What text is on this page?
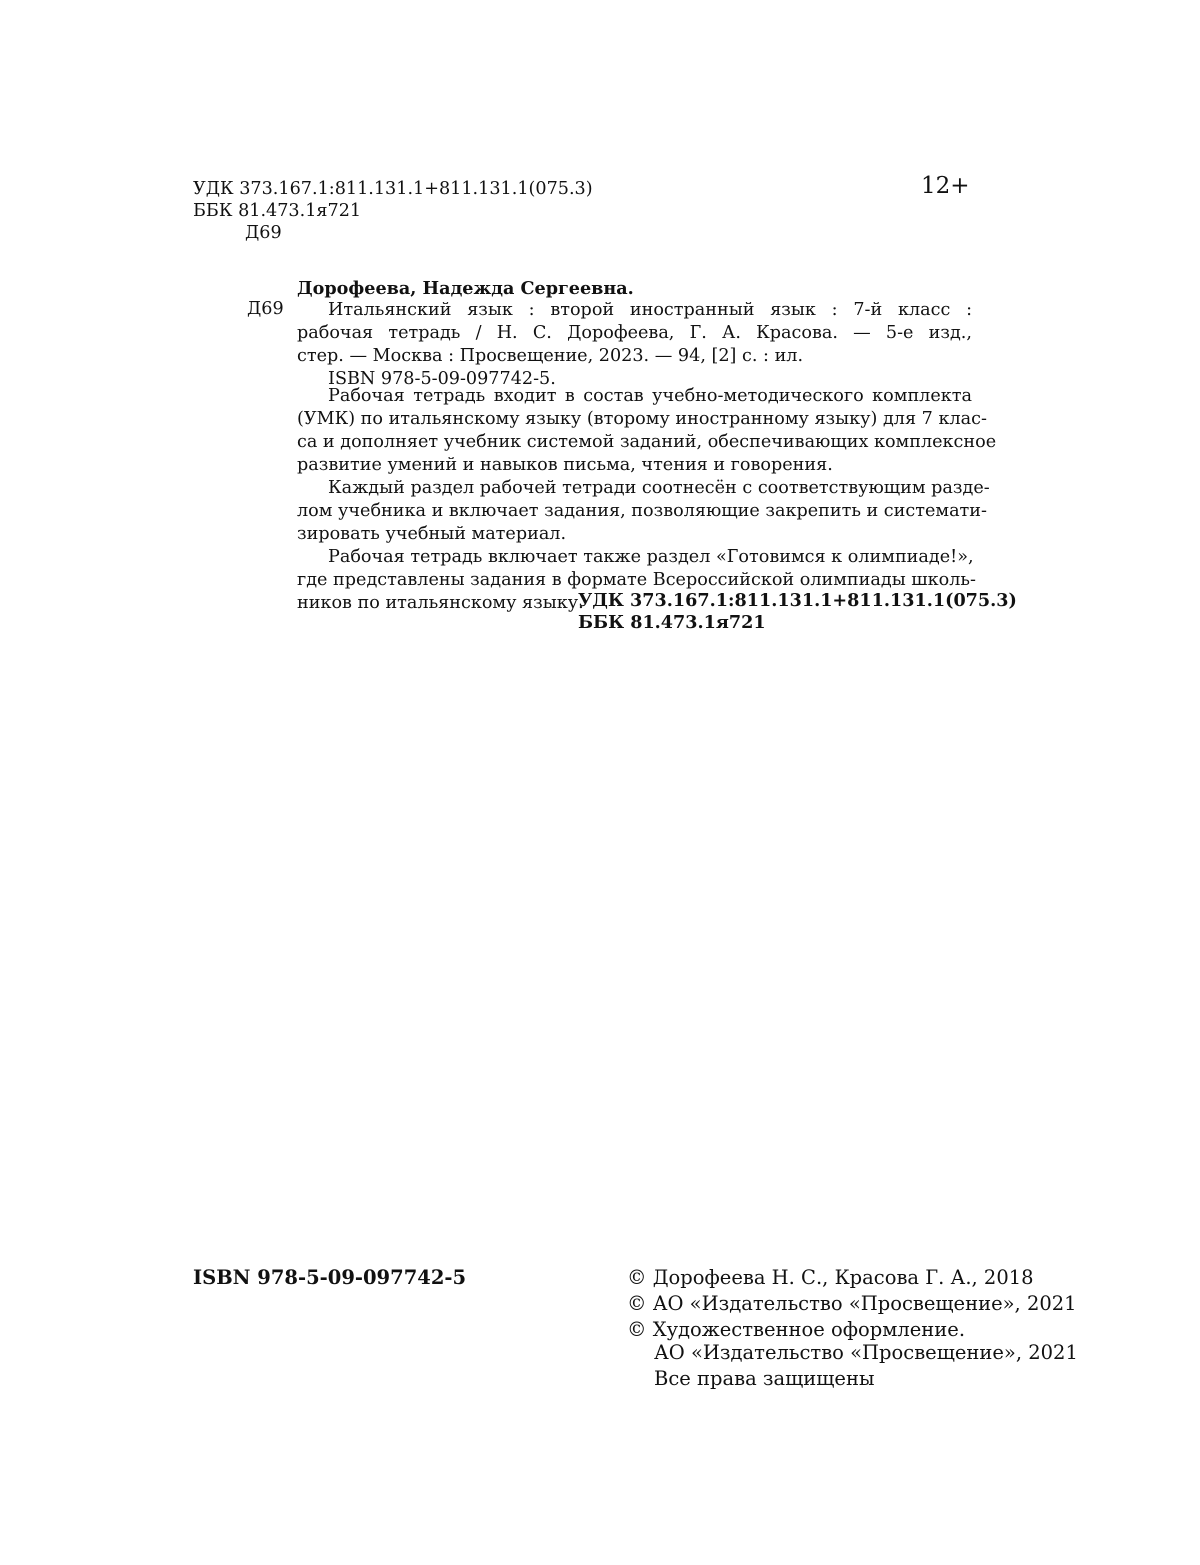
УДК 373.167.1:811.131.1+811.131.1(075.3)
ББК 81.473.1я721
Д69
12+
Дорофеева, Надежда Сергеевна.
Д69	Итальянский язык : второй иностранный язык : 7-й класс :
рабочая тетрадь / Н. С. Дорофеева, Г. А. Красова. — 5-е изд.,
стер. — Москва : Просвещение, 2023. — 94, [2] с. : ил.
ISBN 978-5-09-097742-5.
Рабочая тетрадь входит в состав учебно-методического комплекта
(УМК) по итальянскому языку (второму иностранному языку) для 7 клас-
са и дополняет учебник системой заданий, обеспечивающих комплексное
развитие умений и навыков письма, чтения и говорения.
Каждый раздел рабочей тетради соотнесён с соответствующим разде-
лом учебника и включает задания, позволяющие закрепить и системати-
зировать учебный материал.
Рабочая тетрадь включает также раздел «Готовимся к олимпиаде!»,
где представлены задания в формате Всероссийской олимпиады школь-
ников по итальянскому языку.
УДК 373.167.1:811.131.1+811.131.1(075.3)
ББК 81.473.1я721
ISBN 978-5-09-097742-5	© Дорофеева Н. С., Красова Г. А., 2018
© АО «Издательство «Просвещение», 2021
© Художественное оформление.
АО «Издательство «Просвещение», 2021
Все права защищены
